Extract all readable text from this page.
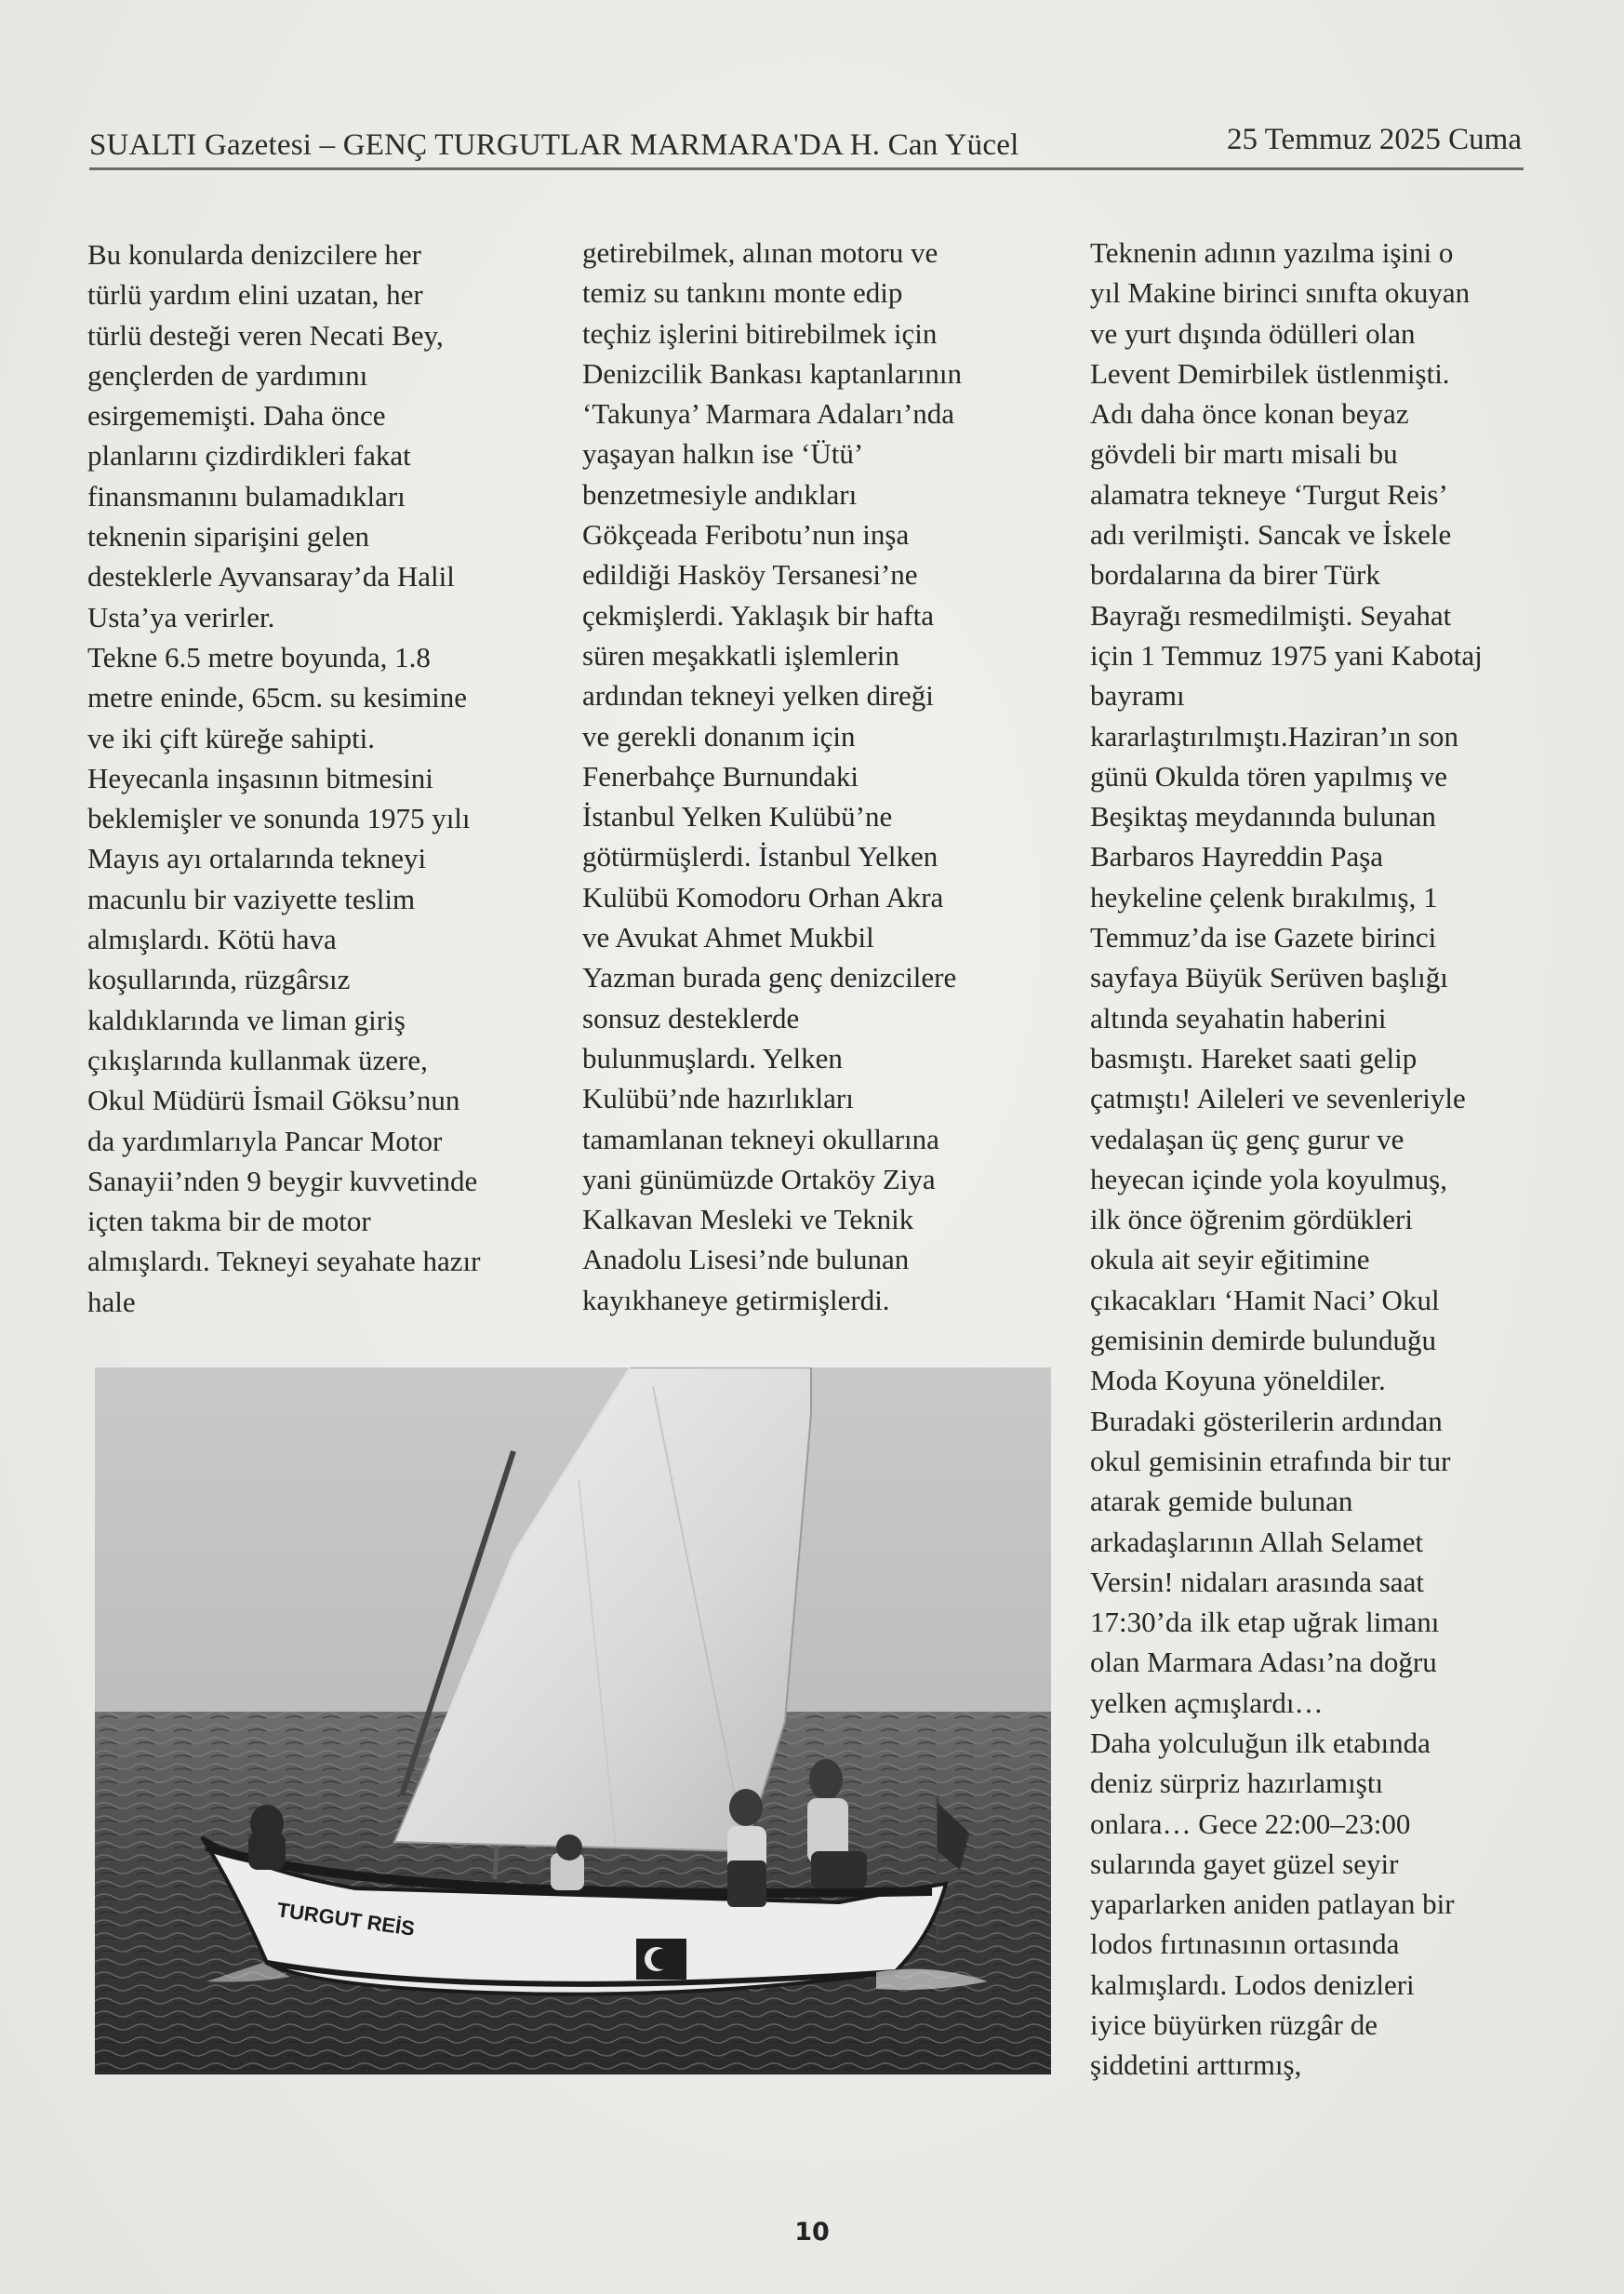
SUALTI Gazetesi – GENÇ TURGUTLAR MARMARA'DA H. Can Yücel	25 Temmuz 2025 Cuma

Bu konularda denizcilere her

türlü yardım elini uzatan, her

türlü desteği veren Necati Bey,

gençlerden de yardımını

esirgememişti. Daha önce

planlarını çizdirdikleri fakat

finansmanını bulamadıkları

teknenin siparişini gelen

desteklerle Ayvansaray’da Halil

Usta’ya verirler.

Tekne 6.5 metre boyunda, 1.8

metre eninde, 65cm. su kesimine

ve iki çift küreğe sahipti.

Heyecanla inşasının bitmesini

beklemişler ve sonunda 1975 yılı

Mayıs ayı ortalarında tekneyi

macunlu bir vaziyette teslim

almışlardı. Kötü hava

koşullarında, rüzgârsız

kaldıklarında ve liman giriş

çıkışlarında kullanmak üzere,

Okul Müdürü İsmail Göksu’nun

da yardımlarıyla Pancar Motor

Sanayii’nden 9 beygir kuvvetinde

içten takma bir de motor

almışlardı. Tekneyi seyahate hazır

hale

getirebilmek, alınan motoru ve

temiz su tankını monte edip

teçhiz işlerini bitirebilmek için

Denizcilik Bankası kaptanlarının

‘Takunya’ Marmara Adaları’nda

yaşayan halkın ise ‘Ütü’

benzetmesiyle andıkları

Gökçeada Feribotu’nun inşa

edildiği Hasköy Tersanesi’ne

çekmişlerdi. Yaklaşık bir hafta

süren meşakkatli işlemlerin

ardından tekneyi yelken direği

ve gerekli donanım için

Fenerbahçe Burnundaki

İstanbul Yelken Kulübü’ne

götürmüşlerdi. İstanbul Yelken

Kulübü Komodoru Orhan Akra

ve Avukat Ahmet Mukbil

Yazman burada genç denizcilere

sonsuz desteklerde

bulunmuşlardı. Yelken

Kulübü’nde hazırlıkları

tamamlanan tekneyi okullarına

yani günümüzde Ortaköy Ziya

Kalkavan Mesleki ve Teknik

Anadolu Lisesi’nde bulunan

kayıkhaneye getirmişlerdi.

Teknenin adının yazılma işini o

yıl Makine birinci sınıfta okuyan

ve yurt dışında ödülleri olan

Levent Demirbilek üstlenmişti.

Adı daha önce konan beyaz

gövdeli bir martı misali bu

alamatra tekneye ‘Turgut Reis’

adı verilmişti. Sancak ve İskele

bordalarına da birer Türk

Bayrağı resmedilmişti. Seyahat

için 1 Temmuz 1975 yani Kabotaj

bayramı

kararlaştırılmıştı.Haziran’ın son

günü Okulda tören yapılmış ve

Beşiktaş meydanında bulunan

Barbaros Hayreddin Paşa

heykeline çelenk bırakılmış, 1

Temmuz’da ise Gazete birinci

sayfaya Büyük Serüven başlığı

altında seyahatin haberini

basmıştı. Hareket saati gelip

çatmıştı! Aileleri ve sevenleriyle

vedalaşan üç genç gurur ve

heyecan içinde yola koyulmuş,

ilk önce öğrenim gördükleri

okula ait seyir eğitimine

çıkacakları ‘Hamit Naci’ Okul

gemisinin demirde bulunduğu

Moda Koyuna yöneldiler.

Buradaki gösterilerin ardından

okul gemisinin etrafında bir tur

atarak gemide bulunan

arkadaşlarının Allah Selamet

Versin! nidaları arasında saat

17:30’da ilk etap uğrak limanı

olan Marmara Adası’na doğru

yelken açmışlardı…

Daha yolculuğun ilk etabında

deniz sürpriz hazırlamıştı

onlara… Gece 22:00–23:00

sularında gayet güzel seyir

yaparlarken aniden patlayan bir

lodos fırtınasının ortasında

kalmışlardı. Lodos denizleri

iyice büyürken rüzgâr de

şiddetini arttırmış,

TURGUT REİS
10
